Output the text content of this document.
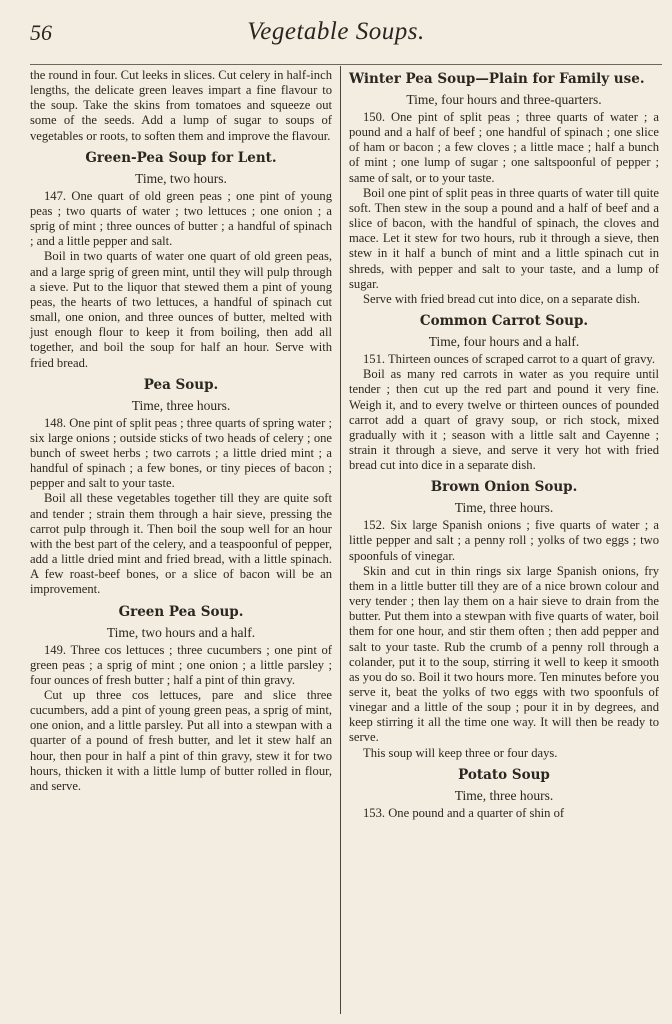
56	Vegetable Soups.

the round in four. Cut leeks in slices. Cut celery in half-inch lengths, the delicate green leaves impart a fine flavour to the soup. Take the skins from tomatoes and squeeze out some of the seeds. Add a lump of sugar to soups of vegetables or roots, to soften them and improve the flavour.

Green-Pea Soup for Lent.
Time, two hours.

147. One quart of old green peas ; one pint of young peas ; two quarts of water ; two lettuces ; one onion ; a sprig of mint ; three ounces of butter ; a handful of spinach ; and a little pepper and salt.

Boil in two quarts of water one quart of old green peas, and a large sprig of green mint, until they will pulp through a sieve. Put to the liquor that stewed them a pint of young peas, the hearts of two lettuces, a handful of spinach cut small, one onion, and three ounces of butter, melted with just enough flour to keep it from boiling, then add all together, and boil the soup for half an hour. Serve with fried bread.

Pea Soup.
Time, three hours.

148. One pint of split peas ; three quarts of spring water ; six large onions ; outside sticks of two heads of celery ; one bunch of sweet herbs ; two carrots ; a little dried mint ; a handful of spinach ; a few bones, or tiny pieces of bacon ; pepper and salt to your taste.

Boil all these vegetables together till they are quite soft and tender ; strain them through a hair sieve, pressing the carrot pulp through it. Then boil the soup well for an hour with the best part of the celery, and a teaspoonful of pepper, add a little dried mint and fried bread, with a little spinach. A few roast-beef bones, or a slice of bacon will be an improvement.

Green Pea Soup.
Time, two hours and a half.

149. Three cos lettuces ; three cucumbers ; one pint of green peas ; a sprig of mint ; one onion ; a little parsley ; four ounces of fresh butter ; half a pint of thin gravy.

Cut up three cos lettuces, pare and slice three cucumbers, add a pint of young green peas, a sprig of mint, one onion, and a little parsley. Put all into a stewpan with a quarter of a pound of fresh butter, and let it stew half an hour, then pour in half a pint of thin gravy, stew it for two hours, thicken it with a little lump of butter rolled in flour, and serve.

Winter Pea Soup—Plain for Family use.
Time, four hours and three-quarters.

150. One pint of split peas ; three quarts of water ; a pound and a half of beef ; one handful of spinach ; one slice of ham or bacon ; a few cloves ; a little mace ; half a bunch of mint ; one lump of sugar ; one saltspoonful of pepper ; same of salt, or to your taste.

Boil one pint of split peas in three quarts of water till quite soft. Then stew in the soup a pound and a half of beef and a slice of bacon, with the handful of spinach, the cloves and mace. Let it stew for two hours, rub it through a sieve, then stew in it half a bunch of mint and a little spinach cut in shreds, with pepper and salt to your taste, and a lump of sugar.

Serve with fried bread cut into dice, on a separate dish.

Common Carrot Soup.
Time, four hours and a half.

151. Thirteen ounces of scraped carrot to a quart of gravy.

Boil as many red carrots in water as you require until tender ; then cut up the red part and pound it very fine. Weigh it, and to every twelve or thirteen ounces of pounded carrot add a quart of gravy soup, or rich stock, mixed gradually with it ; season with a little salt and Cayenne ; strain it through a sieve, and serve it very hot with fried bread cut into dice in a separate dish.

Brown Onion Soup.
Time, three hours.

152. Six large Spanish onions ; five quarts of water ; a little pepper and salt ; a penny roll ; yolks of two eggs ; two spoonfuls of vinegar.

Skin and cut in thin rings six large Spanish onions, fry them in a little butter till they are of a nice brown colour and very tender ; then lay them on a hair sieve to drain from the butter. Put them into a stewpan with five quarts of water, boil them for one hour, and stir them often ; then add pepper and salt to your taste. Rub the crumb of a penny roll through a colander, put it to the soup, stirring it well to keep it smooth as you do so. Boil it two hours more. Ten minutes before you serve it, beat the yolks of two eggs with two spoonfuls of vinegar and a little of the soup ; pour it in by degrees, and keep stirring it all the time one way. It will then be ready to serve.

This soup will keep three or four days.

Potato Soup
Time, three hours.

153. One pound and a quarter of shin of
